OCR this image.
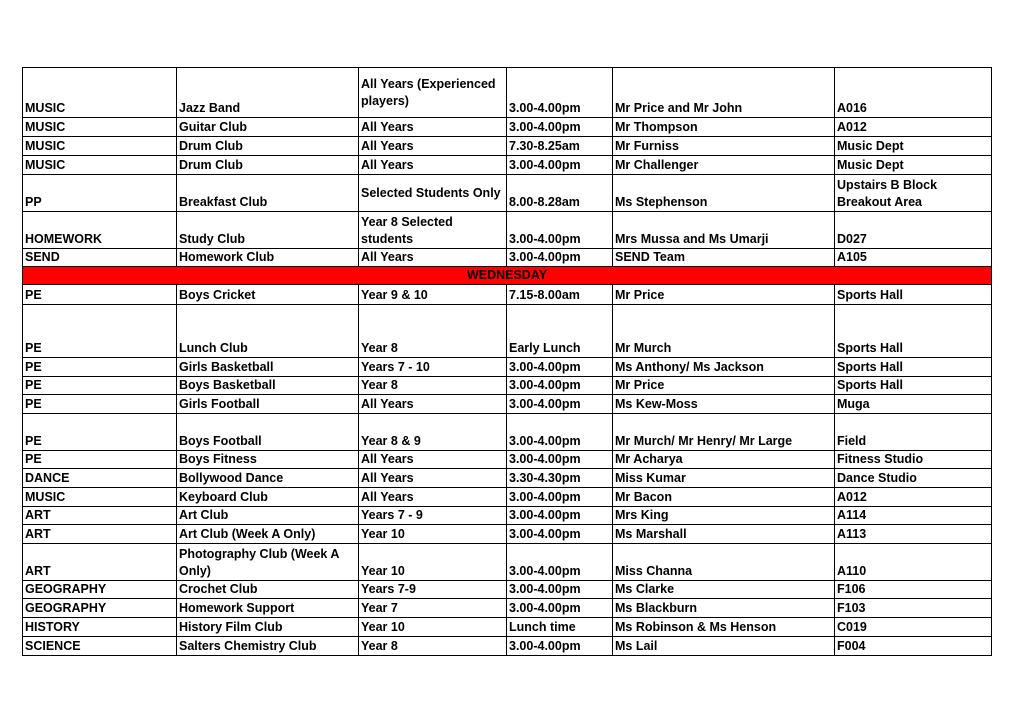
MUSIC	Jazz Band	All Years (Experienced players)	3.00-4.00pm	Mr Price and Mr John	A016
MUSIC	Guitar Club	All Years	3.00-4.00pm	Mr Thompson	A012
MUSIC	Drum Club	All Years	7.30-8.25am	Mr Furniss	Music Dept
MUSIC	Drum Club	All Years	3.00-4.00pm	Mr Challenger	Music Dept
PP	Breakfast Club	Selected Students Only	8.00-8.28am	Ms Stephenson	Upstairs B Block Breakout Area
HOMEWORK	Study Club	Year 8 Selected students	3.00-4.00pm	Mrs Mussa and Ms Umarji	D027
SEND	Homework Club	All Years	3.00-4.00pm	SEND Team	A105
WEDNESDAY					
PE	Boys Cricket	Year 9 & 10	7.15-8.00am	Mr Price	Sports Hall
PE	Lunch Club	Year 8	Early Lunch	Mr Murch	Sports Hall
PE	Girls Basketball	Years 7 - 10	3.00-4.00pm	Ms Anthony/ Ms Jackson	Sports Hall
PE	Boys Basketball	Year 8	3.00-4.00pm	Mr Price	Sports Hall
PE	Girls Football	All Years	3.00-4.00pm	Ms Kew-Moss	Muga
PE	Boys Football	Year 8 & 9	3.00-4.00pm	Mr Murch/ Mr Henry/ Mr Large	Field
PE	Boys Fitness	All Years	3.00-4.00pm	Mr Acharya	Fitness Studio
DANCE	Bollywood Dance	All Years	3.30-4.30pm	Miss Kumar	Dance Studio
MUSIC	Keyboard Club	All Years	3.00-4.00pm	Mr Bacon	A012
ART	Art Club	Years 7 - 9	3.00-4.00pm	Mrs King	A114
ART	Art Club (Week A Only)	Year 10	3.00-4.00pm	Ms Marshall	A113
ART	Photography Club (Week A Only)	Year 10	3.00-4.00pm	Miss Channa	A110
GEOGRAPHY	Crochet Club	Years 7-9	3.00-4.00pm	Ms Clarke	F106
GEOGRAPHY	Homework Support	Year 7	3.00-4.00pm	Ms Blackburn	F103
HISTORY	History Film Club	Year 10	Lunch time	Ms Robinson & Ms Henson	C019
SCIENCE	Salters Chemistry Club	Year 8	3.00-4.00pm	Ms Lail	F004
